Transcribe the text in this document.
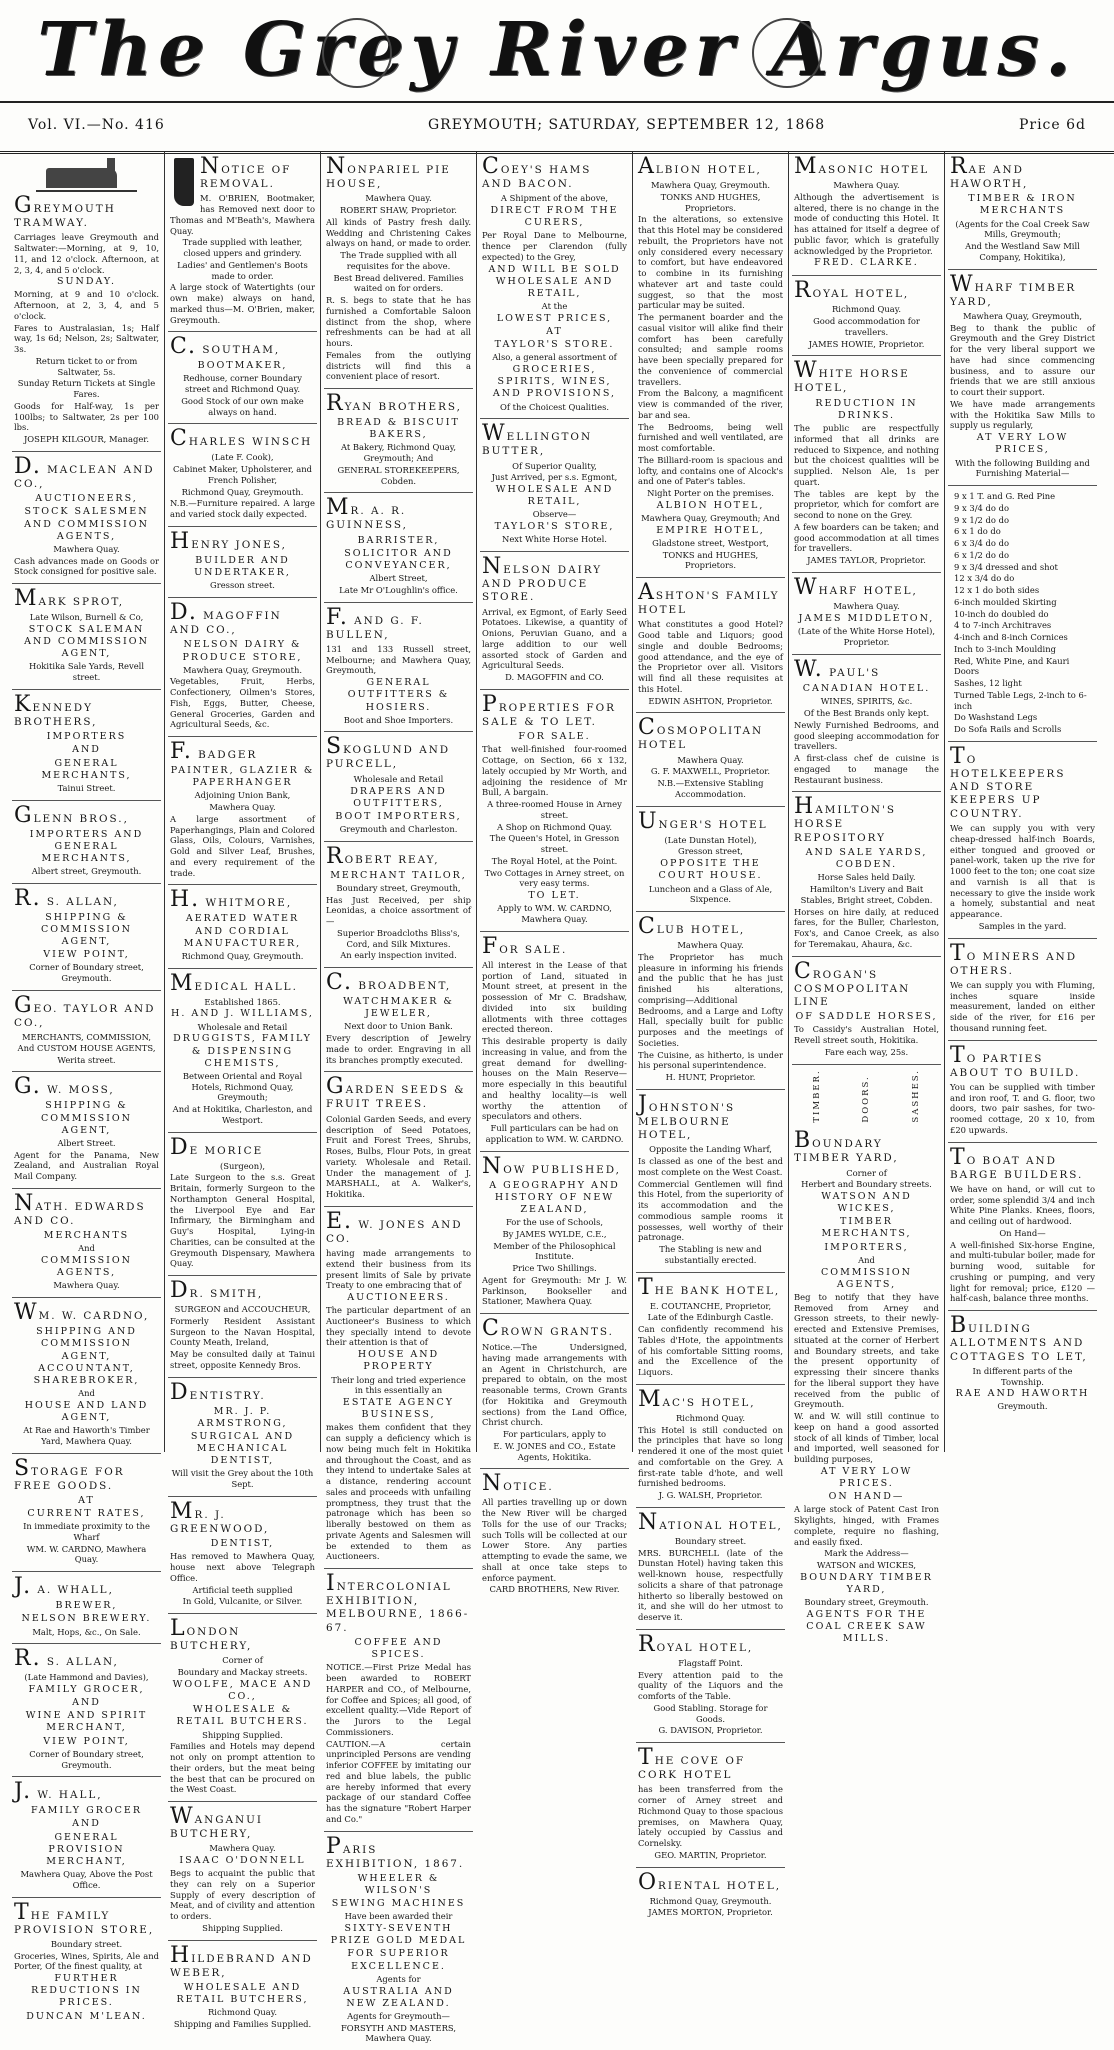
The Grey River Argus.
Vol. VI.—No. 416	GREYMOUTH; SATURDAY, SEPTEMBER 12, 1868	Price 6d
GREYMOUTH TRAMWAY.

Carriages leave Greymouth and Saltwater:—Morning, at 9, 10, 11, and 12 o'clock. Afternoon, at 2, 3, 4, and 5 o'clock.

SUNDAY.

Morning, at 9 and 10 o'clock. Afternoon, at 2, 3, 4, and 5 o'clock.

Fares to Australasian, 1s; Half way, 1s 6d; Nelson, 2s; Saltwater, 3s.

Return ticket to or from Saltwater, 5s.

Sunday Return Tickets at Single Fares.

Goods for Half-way, 1s per 100lbs; to Saltwater, 2s per 100 lbs.

JOSEPH KILGOUR, Manager.

D. MACLEAN AND CO.,

AUCTIONEERS,

STOCK SALESMEN AND COMMISSION AGENTS,

Mawhera Quay.

Cash advances made on Goods or Stock consigned for positive sale.

MARK SPROT,

Late Wilson, Burnell & Co,

STOCK SALEMAN AND COMMISSION AGENT,

Hokitika Sale Yards, Revell street.

KENNEDY BROTHERS,

IMPORTERS

AND

GENERAL MERCHANTS,

Tainui Street.

GLENN BROS.,

IMPORTERS AND GENERAL MERCHANTS,

Albert street, Greymouth.

R. S. ALLAN,

SHIPPING & COMMISSION AGENT,

VIEW POINT,

Corner of Boundary street, Greymouth.

GEO. TAYLOR AND CO.,

MERCHANTS, COMMISSION, And CUSTOM HOUSE AGENTS,

Werita street.

G. W. MOSS,

SHIPPING & COMMISSION AGENT,

Albert Street.

Agent for the Panama, New Zealand, and Australian Royal Mail Company.

NATH. EDWARDS AND CO.

MERCHANTS

And

COMMISSION AGENTS,

Mawhera Quay.

WM. W. CARDNO,

SHIPPING AND COMMISSION AGENT, ACCOUNTANT, SHAREBROKER,

And

HOUSE AND LAND AGENT,

At Rae and Haworth's Timber Yard, Mawhera Quay.

STORAGE FOR FREE GOODS.

AT

CURRENT RATES,

In immediate proximity to the Wharf

WM. W. CARDNO, Mawhera Quay.

J. A. WHALL,

BREWER,

NELSON BREWERY.

Malt, Hops, &c., On Sale.

R. S. ALLAN,

(Late Hammond and Davies),

FAMILY GROCER,

AND

WINE AND SPIRIT MERCHANT,

VIEW POINT,

Corner of Boundary street, Greymouth.

J. W. HALL,

FAMILY GROCER

AND

GENERAL PROVISION MERCHANT,

Mawhera Quay, Above the Post Office.

THE FAMILY PROVISION STORE,

Boundary street.

Groceries, Wines, Spirits, Ale and Porter, Of the finest quality, at

FURTHER REDUCTIONS IN PRICES.

DUNCAN M'LEAN.

NOTICE OF REMOVAL.

M. O'BRIEN, Bootmaker, has Removed next door to Thomas and M'Beath's, Mawhera Quay.

Trade supplied with leather, closed uppers and grindery.

Ladies' and Gentlemen's Boots made to order.

A large stock of Watertights (our own make) always on hand, marked thus—M. O'Brien, maker, Greymouth.

C. SOUTHAM,

BOOTMAKER,

Redhouse, corner Boundary street and Richmond Quay.

Good Stock of our own make always on hand.

CHARLES WINSCH

(Late F. Cook),

Cabinet Maker, Upholsterer, and French Polisher,

Richmond Quay, Greymouth.

N.B.—Furniture repaired. A large and varied stock daily expected.

HENRY JONES,

BUILDER AND UNDERTAKER,

Gresson street.

D. MAGOFFIN AND CO.,

NELSON DAIRY & PRODUCE STORE,

Mawhera Quay, Greymouth.

Vegetables, Fruit, Herbs, Confectionery, Oilmen's Stores, Fish, Eggs, Butter, Cheese, General Groceries, Garden and Agricultural Seeds, &c.

F. BADGER

PAINTER, GLAZIER & PAPERHANGER

Adjoining Union Bank,

Mawhera Quay.

A large assortment of Paperhangings, Plain and Colored Glass, Oils, Colours, Varnishes, Gold and Silver Leaf, Brushes, and every requirement of the trade.

H. WHITMORE,

AERATED WATER AND CORDIAL MANUFACTURER,

Richmond Quay, Greymouth.

MEDICAL HALL.

Established 1865.

H. AND J. WILLIAMS,

Wholesale and Retail

DRUGGISTS, FAMILY & DISPENSING CHEMISTS,

Between Oriental and Royal Hotels, Richmond Quay, Greymouth;

And at Hokitika, Charleston, and Westport.

DE MORICE

(Surgeon),

Late Surgeon to the s.s. Great Britain, formerly Surgeon to the Northampton General Hospital, the Liverpool Eye and Ear Infirmary, the Birmingham and Guy's Hospital, Lying-in Charities, can be consulted at the Greymouth Dispensary, Mawhera Quay.

DR. SMITH,

SURGEON and ACCOUCHEUR,

Formerly Resident Assistant Surgeon to the Navan Hospital, County Meath, Ireland,

May be consulted daily at Tainui street, opposite Kennedy Bros.

DENTISTRY.

MR. J. P. ARMSTRONG,

SURGICAL AND MECHANICAL DENTIST,

Will visit the Grey about the 10th Sept.

MR. J. GREENWOOD,

DENTIST,

Has removed to Mawhera Quay, house next above Telegraph Office.

Artificial teeth supplied

In Gold, Vulcanite, or Silver.

LONDON BUTCHERY,

Corner of

Boundary and Mackay streets.

WOOLFE, MACE AND CO.,

WHOLESALE & RETAIL BUTCHERS.

Shipping Supplied.

Families and Hotels may depend not only on prompt attention to their orders, but the meat being the best that can be procured on the West Coast.

WANGANUI BUTCHERY,

Mawhera Quay.

ISAAC O'DONNELL

Begs to acquaint the public that they can rely on a Superior Supply of every description of Meat, and of civility and attention to orders.

Shipping Supplied.

HILDEBRAND AND WEBER,

WHOLESALE AND RETAIL BUTCHERS,

Richmond Quay.

Shipping and Families Supplied.

NONPARIEL PIE HOUSE,

Mawhera Quay.

ROBERT SHAW, Proprietor.

All kinds of Pastry fresh daily. Wedding and Christening Cakes always on hand, or made to order.

The Trade supplied with all requisites for the above.

Best Bread delivered. Families waited on for orders.

R. S. begs to state that he has furnished a Comfortable Saloon distinct from the shop, where refreshments can be had at all hours.

Females from the outlying districts will find this a convenient place of resort.

RYAN BROTHERS,

BREAD & BISCUIT BAKERS,

At Bakery, Richmond Quay, Greymouth; And

GENERAL STOREKEEPERS, Cobden.

MR. A. R. GUINNESS,

BARRISTER,

SOLICITOR AND CONVEYANCER,

Albert Street,

Late Mr O'Loughlin's office.

F. AND G. F. BULLEN,

131 and 133 Russell street, Melbourne; and Mawhera Quay, Greymouth,

GENERAL OUTFITTERS & HOSIERS.

Boot and Shoe Importers.

SKOGLUND AND PURCELL,

Wholesale and Retail

DRAPERS AND OUTFITTERS,

BOOT IMPORTERS,

Greymouth and Charleston.

ROBERT REAY,

MERCHANT TAILOR,

Boundary street, Greymouth,

Has Just Received, per ship Leonidas, a choice assortment of—

Superior Broadcloths Bliss's, Cord, and Silk Mixtures.

An early inspection invited.

C. BROADBENT,

WATCHMAKER & JEWELER,

Next door to Union Bank.

Every description of Jewelry made to order. Engraving in all its branches promptly executed.

GARDEN SEEDS & FRUIT TREES.

Colonial Garden Seeds, and every description of Seed Potatoes, Fruit and Forest Trees, Shrubs, Roses, Bulbs, Flour Pots, in great variety. Wholesale and Retail. Under the management of J. MARSHALL, at A. Walker's, Hokitika.

E. W. JONES AND CO.

having made arrangements to extend their business from its present limits of Sale by private Treaty to one embracing that of

AUCTIONEERS.

The particular department of an Auctioneer's Business to which they specially intend to devote their attention is that of

HOUSE AND PROPERTY

Their long and tried experience in this essentially an

ESTATE AGENCY BUSINESS,

makes them confident that they can supply a deficiency which is now being much felt in Hokitika and throughout the Coast, and as they intend to undertake Sales at a distance, rendering account sales and proceeds with unfailing promptness, they trust that the patronage which has been so liberally bestowed on them as private Agents and Salesmen will be extended to them as Auctioneers.

INTERCOLONIAL EXHIBITION, MELBOURNE, 1866-67.

COFFEE AND SPICES.

NOTICE.—First Prize Medal has been awarded to ROBERT HARPER and CO., of Melbourne, for Coffee and Spices; all good, of excellent quality.—Vide Report of the Jurors to the Legal Commissioners.

CAUTION.—A certain unprincipled Persons are vending inferior COFFEE by imitating our red and blue labels, the public are hereby informed that every package of our standard Coffee has the signature "Robert Harper and Co."

PARIS EXHIBITION, 1867.

WHEELER & WILSON'S

SEWING MACHINES

Have been awarded their

SIXTY-SEVENTH PRIZE GOLD MEDAL

FOR SUPERIOR EXCELLENCE.

Agents for

AUSTRALIA AND NEW ZEALAND.

Agents for Greymouth—

FORSYTH AND MASTERS, Mawhera Quay.

COEY'S HAMS AND BACON.

A Shipment of the above,

DIRECT FROM THE CURERS,

Per Royal Dane to Melbourne, thence per Clarendon (fully expected) to the Grey,

AND WILL BE SOLD WHOLESALE AND RETAIL,

At the

LOWEST PRICES,

AT

TAYLOR'S STORE.

Also, a general assortment of

GROCERIES, SPIRITS, WINES, AND PROVISIONS,

Of the Choicest Qualities.

WELLINGTON BUTTER,

Of Superior Quality,

Just Arrived, per s.s. Egmont,

WHOLESALE AND RETAIL,

Observe—

TAYLOR'S STORE,

Next White Horse Hotel.

NELSON DAIRY AND PRODUCE STORE.

Arrival, ex Egmont, of Early Seed Potatoes. Likewise, a quantity of Onions, Peruvian Guano, and a large addition to our well assorted stock of Garden and Agricultural Seeds.

D. MAGOFFIN and CO.

PROPERTIES FOR SALE & TO LET.

FOR SALE.

That well-finished four-roomed Cottage, on Section, 66 x 132, lately occupied by Mr Worth, and adjoining the residence of Mr Bull, A bargain.

A three-roomed House in Arney street.

A Shop on Richmond Quay.

The Queen's Hotel, in Gresson street.

The Royal Hotel, at the Point.

Two Cottages in Arney street, on very easy terms.

TO LET.

Apply to WM. W. CARDNO, Mawhera Quay.

FOR SALE.

All interest in the Lease of that portion of Land, situated in Mount street, at present in the possession of Mr C. Bradshaw, divided into six building allotments with three cottages erected thereon.

This desirable property is daily increasing in value, and from the great demand for dwelling-houses on the Main Reserve—more especially in this beautiful and healthy locality—is well worthy the attention of speculators and others.

Full particulars can be had on application to WM. W. CARDNO.

NOW PUBLISHED,

A GEOGRAPHY AND HISTORY OF NEW ZEALAND,

For the use of Schools,

By JAMES WYLDE, C.E.,

Member of the Philosophical Institute.

Price Two Shillings.

Agent for Greymouth: Mr J. W. Parkinson, Bookseller and Stationer, Mawhera Quay.

CROWN GRANTS.

Notice.—The Undersigned, having made arrangements with an Agent in Christchurch, are prepared to obtain, on the most reasonable terms, Crown Grants (for Hokitika and Greymouth sections) from the Land Office, Christ church.

For particulars, apply to

E. W. JONES and CO., Estate Agents, Hokitika.

NOTICE.

All parties travelling up or down the New River will be charged Tolls for the use of our Tracks; such Tolls will be collected at our Lower Store. Any parties attempting to evade the same, we shall at once take steps to enforce payment.

CARD BROTHERS, New River.

ALBION HOTEL,

Mawhera Quay, Greymouth.

TONKS AND HUGHES, Proprietors.

In the alterations, so extensive that this Hotel may be considered rebuilt, the Proprietors have not only considered every necessary to comfort, but have endeavored to combine in its furnishing whatever art and taste could suggest, so that the most particular may be suited.

The permanent boarder and the casual visitor will alike find their comfort has been carefully consulted; and sample rooms have been specially prepared for the convenience of commercial travellers.

From the Balcony, a magnificent view is commanded of the river, bar and sea.

The Bedrooms, being well furnished and well ventilated, are most comfortable.

The Billiard-room is spacious and lofty, and contains one of Alcock's and one of Pater's tables.

Night Porter on the premises.

ALBION HOTEL,

Mawhera Quay, Greymouth; And

EMPIRE HOTEL,

Gladstone street, Westport,

TONKS and HUGHES, Proprietors.

ASHTON'S FAMILY HOTEL

What constitutes a good Hotel? Good table and Liquors; good single and double Bedrooms; good attendance, and the eye of the Proprietor over all. Visitors will find all these requisites at this Hotel.

EDWIN ASHTON, Proprietor.

COSMOPOLITAN HOTEL

Mawhera Quay.

G. F. MAXWELL, Proprietor.

N.B.—Extensive Stabling Accommodation.

UNGER'S HOTEL

(Late Dunstan Hotel),

Gresson street,

OPPOSITE THE COURT HOUSE.

Luncheon and a Glass of Ale, Sixpence.

CLUB HOTEL,

Mawhera Quay.

The Proprietor has much pleasure in informing his friends and the public that he has just finished his alterations, comprising—Additional Bedrooms, and a Large and Lofty Hall, specially built for public purposes and the meetings of Societies.

The Cuisine, as hitherto, is under his personal superintendence.

H. HUNT, Proprietor.

JOHNSTON'S MELBOURNE HOTEL,

Opposite the Landing Wharf,

Is classed as one of the best and most complete on the West Coast.

Commercial Gentlemen will find this Hotel, from the superiority of its accommodation and the commodious sample rooms it possesses, well worthy of their patronage.

The Stabling is new and substantially erected.

THE BANK HOTEL,

E. COUTANCHE, Proprietor,

Late of the Edinburgh Castle.

Can confidently recommend his Tables d'Hote, the appointments of his comfortable Sitting rooms, and the Excellence of the Liquors.

MAC'S HOTEL,

Richmond Quay.

This Hotel is still conducted on the principles that have so long rendered it one of the most quiet and comfortable on the Grey. A first-rate table d'hote, and well furnished bedrooms.

J. G. WALSH, Proprietor.

NATIONAL HOTEL,

Boundary street.

MRS. BURCHELL (late of the Dunstan Hotel) having taken this well-known house, respectfully solicits a share of that patronage hitherto so liberally bestowed on it, and she will do her utmost to deserve it.

ROYAL HOTEL,

Flagstaff Point.

Every attention paid to the quality of the Liquors and the comforts of the Table.

Good Stabling. Storage for Goods.

G. DAVISON, Proprietor.

THE COVE OF CORK HOTEL

has been transferred from the corner of Arney street and Richmond Quay to those spacious premises, on Mawhera Quay, lately occupied by Cassius and Cornelsky.

GEO. MARTIN, Proprietor.

ORIENTAL HOTEL,

Richmond Quay, Greymouth.

JAMES MORTON, Proprietor.

MASONIC HOTEL

Mawhera Quay.

Although the advertisement is altered, there is no change in the mode of conducting this Hotel. It has attained for itself a degree of public favor, which is gratefully acknowledged by the Proprietor.

FRED. CLARKE.

ROYAL HOTEL,

Richmond Quay.

Good accommodation for travellers.

JAMES HOWIE, Proprietor.

WHITE HORSE HOTEL,

REDUCTION IN DRINKS.

The public are respectfully informed that all drinks are reduced to Sixpence, and nothing but the choicest qualities will be supplied. Nelson Ale, 1s per quart.

The tables are kept by the proprietor, which for comfort are second to none on the Grey.

A few boarders can be taken; and good accommodation at all times for travellers.

JAMES TAYLOR, Proprietor.

WHARF HOTEL,

Mawhera Quay.

JAMES MIDDLETON,

(Late of the White Horse Hotel),

Proprietor.

W. PAUL'S

CANADIAN HOTEL.

WINES, SPIRITS, &c.

Of the Best Brands only kept.

Newly Furnished Bedrooms, and good sleeping accommodation for travellers.

A first-class chef de cuisine is engaged to manage the Restaurant business.

HAMILTON'S HORSE REPOSITORY

AND SALE YARDS, COBDEN.

Horse Sales held Daily.

Hamilton's Livery and Bait Stables, Bright street, Cobden.

Horses on hire daily, at reduced fares, for the Buller, Charleston, Fox's, and Canoe Creek, as also for Teremakau, Ahaura, &c.

CROGAN'S COSMOPOLITAN LINE

OF SADDLE HORSES,

To Cassidy's Australian Hotel, Revell street south, Hokitika.

Fare each way, 25s.

TIMBER.	DOORS.	SASHES.
BOUNDARY TIMBER YARD,

Corner of

Herbert and Boundary streets.

WATSON AND WICKES,

TIMBER MERCHANTS,

IMPORTERS,

And

COMMISSION AGENTS,

Beg to notify that they have Removed from Arney and Gresson streets, to their newly-erected and Extensive Premises, situated at the corner of Herbert and Boundary streets, and take the present opportunity of expressing their sincere thanks for the liberal support they have received from the public of Greymouth.

W. and W. will still continue to keep on hand a good assorted stock of all kinds of Timber, local and imported, well seasoned for building purposes,

AT VERY LOW PRICES.

ON HAND—

A large stock of Patent Cast Iron Skylights, hinged, with Frames complete, require no flashing, and easily fixed.

Mark the Address—

WATSON and WICKES,

BOUNDARY TIMBER YARD,

Boundary street, Greymouth.

AGENTS FOR THE COAL CREEK SAW MILLS.

RAE AND HAWORTH,

TIMBER & IRON MERCHANTS

(Agents for the Coal Creek Saw Mills, Greymouth;

And the Westland Saw Mill Company, Hokitika),

WHARF TIMBER YARD,

Mawhera Quay, Greymouth,

Beg to thank the public of Greymouth and the Grey District for the very liberal support we have had since commencing business, and to assure our friends that we are still anxious to court their support.

We have made arrangements with the Hokitika Saw Mills to supply us regularly,

AT VERY LOW PRICES,

With the following Building and Furnishing Material—

9 x 1 T. and G. Red Pine

9 x 3/4 do do

9 x 1/2 do do

6 x 1 do do

6 x 3/4 do do

6 x 1/2 do do

9 x 3/4 dressed and shot

12 x 3/4 do do

12 x 1 do both sides

6-inch moulded Skirting

10-inch do doubled do

4 to 7-inch Architraves

4-inch and 8-inch Cornices

Inch to 3-inch Moulding

Red, White Pine, and Kauri Doors

Sashes, 12 light

Turned Table Legs, 2-inch to 6-inch

Do Washstand Legs

Do Sofa Rails and Scrolls

TO HOTELKEEPERS AND STORE KEEPERS UP COUNTRY.

We can supply you with very cheap-dressed half-inch Boards, either tongued and grooved or panel-work, taken up the rive for 1000 feet to the ton; one coat size and varnish is all that is necessary to give the inside work a homely, substantial and neat appearance.

Samples in the yard.

TO MINERS AND OTHERS.

We can supply you with Fluming, inches square inside measurement, landed on either side of the river, for £16 per thousand running feet.

TO PARTIES ABOUT TO BUILD.

You can be supplied with timber and iron roof, T. and G. floor, two doors, two pair sashes, for two-roomed cottage, 20 x 10, from £20 upwards.

TO BOAT AND BARGE BUILDERS.

We have on hand, or will cut to order, some splendid 3/4 and inch White Pine Planks. Knees, floors, and ceiling out of hardwood.

On Hand—

A well-finished Six-horse Engine, and multi-tubular boiler, made for burning wood, suitable for crushing or pumping, and very light for removal; price, £120 — half-cash, balance three months.

BUILDING ALLOTMENTS AND COTTAGES TO LET,

In different parts of the Township.

RAE AND HAWORTH

Greymouth.
